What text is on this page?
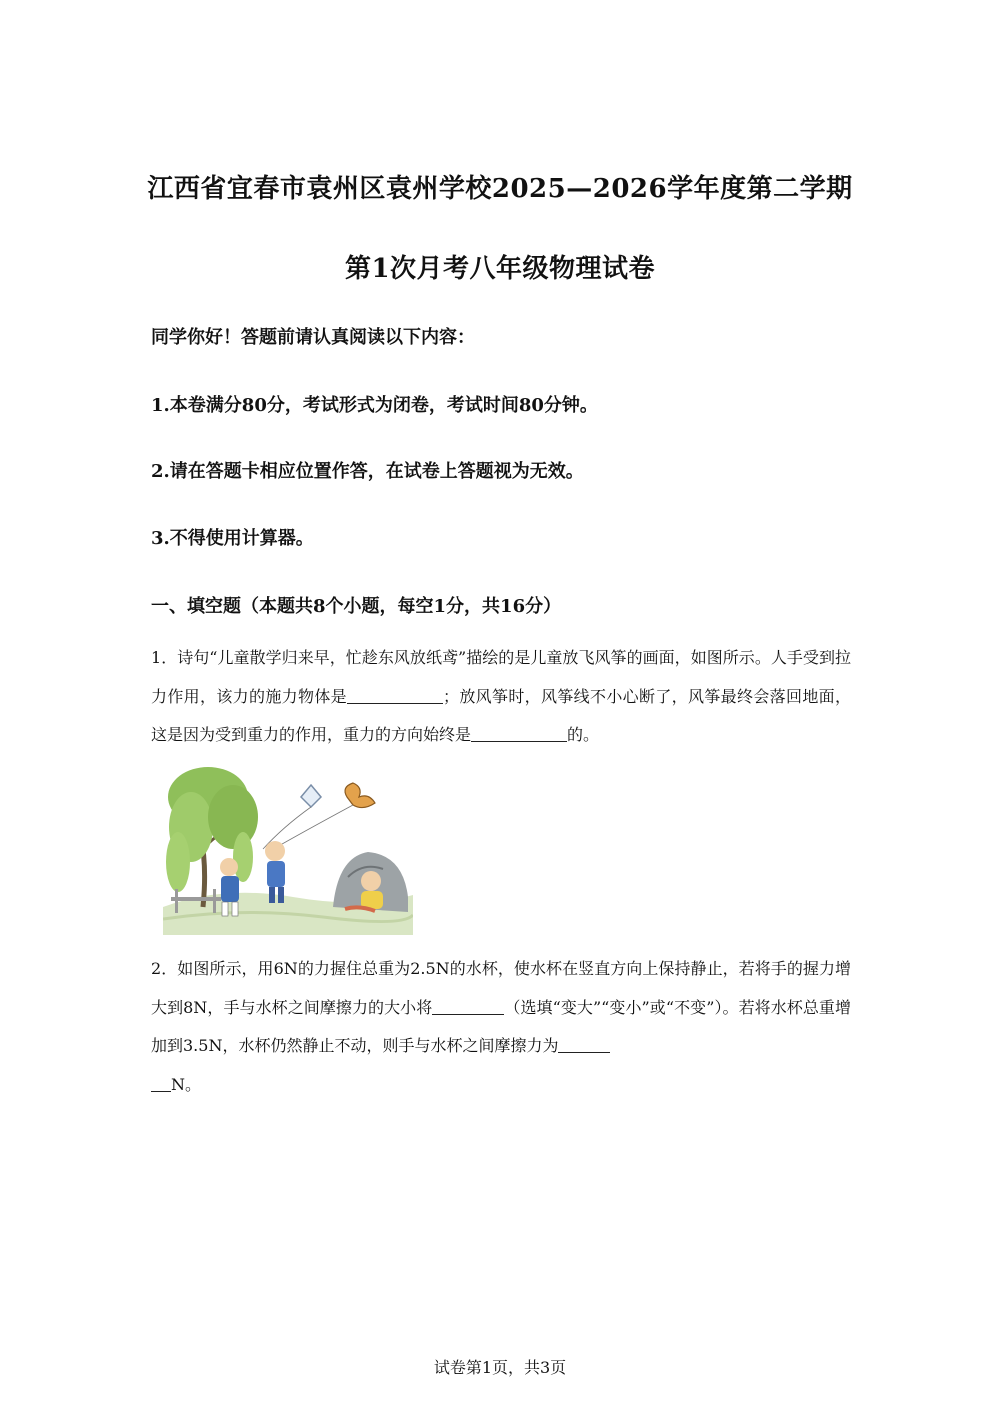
江西省宜春市袁州区袁州学校2025—2026学年度第二学期
第1次月考八年级物理试卷
同学你好！答题前请认真阅读以下内容：
1.本卷满分80分，考试形式为闭卷，考试时间80分钟。
2.请在答题卡相应位置作答，在试卷上答题视为无效。
3.不得使用计算器。
一、填空题（本题共8个小题，每空1分，共16分）
1．诗句“儿童散学归来早，忙趁东风放纸鸢”描绘的是儿童放飞风筝的画面，如图所示。人手受到拉力作用，该力的施力物体是	；放风筝时，风筝线不小心断了，风筝最终会落回地面，这是因为受到重力的作用，重力的方向始终是	的。
2．如图所示，用6N的力握住总重为2.5N的水杯，使水杯在竖直方向上保持静止，若将手的握力增大到8N，手与水杯之间摩擦力的大小将	（选填“变大”“变小”或“不变”）。若将水杯总重增加到3.5N，水杯仍然静止不动，则手与水杯之间摩擦力为
N。
试卷第1页，共3页
